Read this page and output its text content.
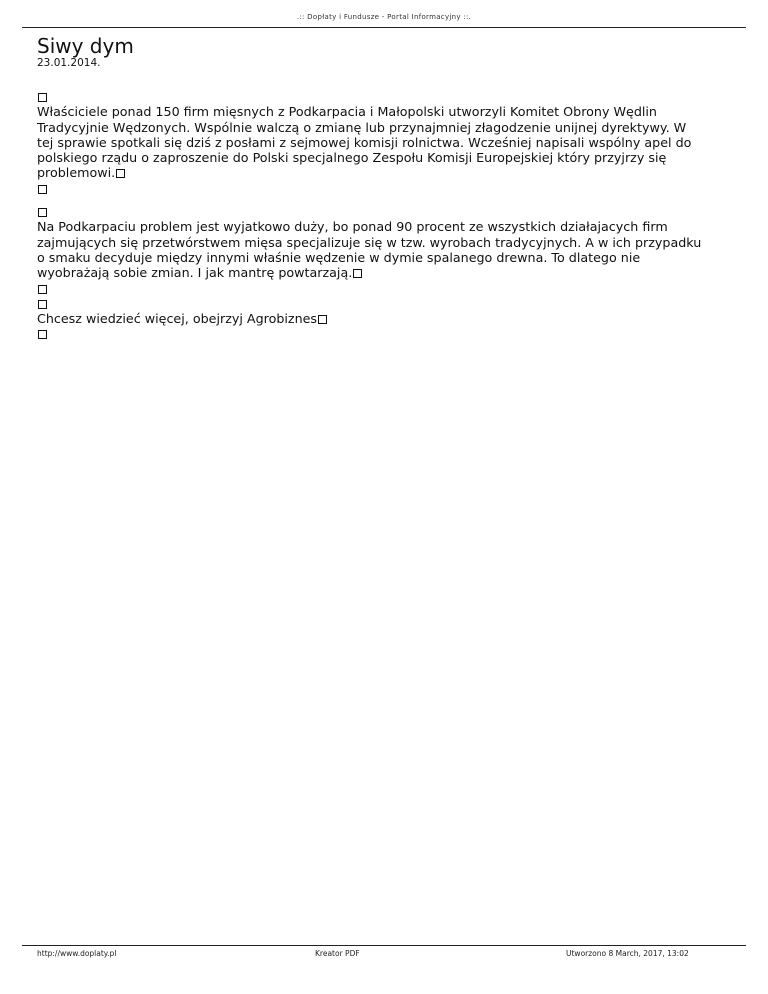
.:: Dopłaty i Fundusze - Portal Informacyjny ::.
Siwy dym
23.01.2014.
Właściciele ponad 150 firm mięsnych z Podkarpacia i Małopolski utworzyli Komitet Obrony Wędlin
Tradycyjnie Wędzonych. Wspólnie walczą o zmianę lub przynajmniej złagodzenie unijnej dyrektywy. W
tej sprawie spotkali się dziś z posłami z sejmowej komisji rolnictwa. Wcześniej napisali wspólny apel do
polskiego rządu o zaproszenie do Polski specjalnego Zespołu Komisji Europejskiej który przyjrzy się
problemowi.
Na Podkarpaciu problem jest wyjatkowo duży, bo ponad 90 procent ze wszystkich działajacych firm
zajmujących się przetwórstwem mięsa specjalizuje się w tzw. wyrobach tradycyjnych. A w ich przypadku
o smaku decyduje między innymi właśnie wędzenie w dymie spalanego drewna. To dlatego nie
wyobrażają sobie zmian. I jak mantrę powtarzają.
Chcesz wiedzieć więcej, obejrzyj Agrobiznes
http://www.doplaty.pl	Kreator PDF	Utworzono 8 March, 2017, 13:02
